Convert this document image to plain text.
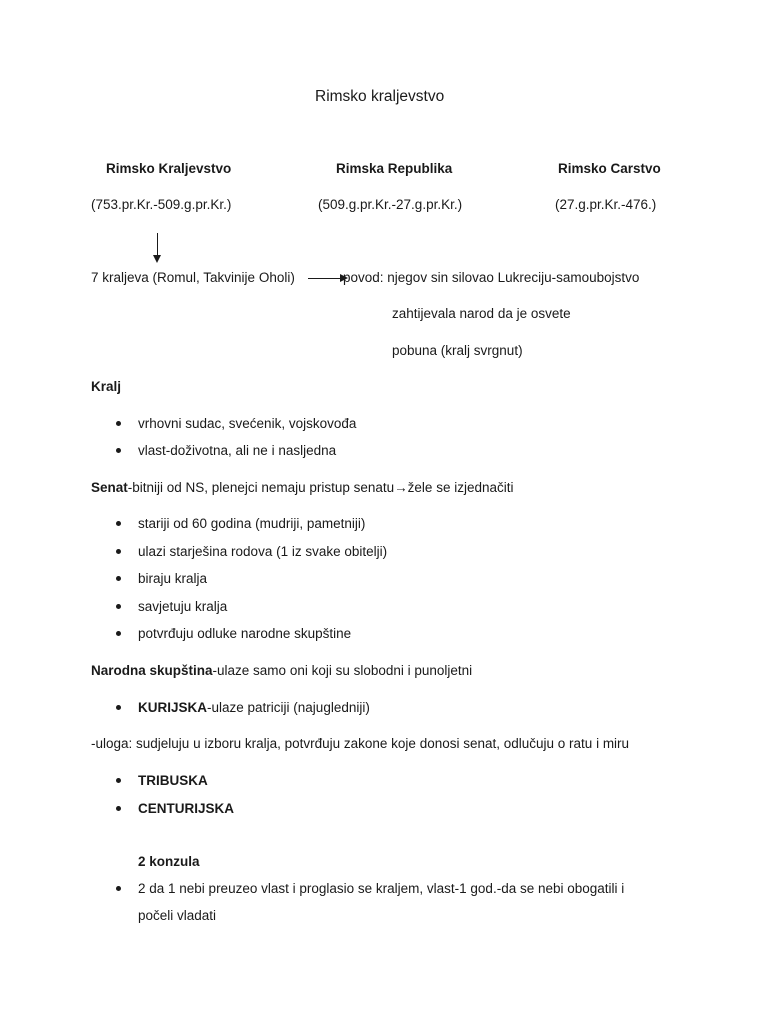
Rimsko kraljevstvo
Rimsko Kraljevstvo	Rimska Republika	Rimsko Carstvo
(753.pr.Kr.-509.g.pr.Kr.)	(509.g.pr.Kr.-27.g.pr.Kr.)	(27.g.pr.Kr.-476.)
7 kraljeva (Romul, Takvinije Oholi)	povod: njegov sin silovao Lukreciju-samoubojstvo
zahtijevala narod da je osvete
pobuna (kralj svrgnut)
Kralj
vrhovni sudac, svećenik, vojskovođa
vlast-doživotna, ali ne i nasljedna
Senat-bitniji od NS, plenejci nemaju pristup senatu→žele se izjednačiti
stariji od 60 godina (mudriji, pametniji)
ulazi starješina rodova (1 iz svake obitelji)
biraju kralja
savjetuju kralja
potvrđuju odluke narodne skupštine
Narodna skupština-ulaze samo oni koji su slobodni i punoljetni
KURIJSKA-ulaze patriciji (najugledniji)
-uloga: sudjeluju u izboru kralja, potvrđuju zakone koje donosi senat, odlučuju o ratu i miru
TRIBUSKA
CENTURIJSKA
2 konzula
2 da 1 nebi preuzeo vlast i proglasio se kraljem, vlast-1 god.-da se nebi obogatili i
počeli vladati
